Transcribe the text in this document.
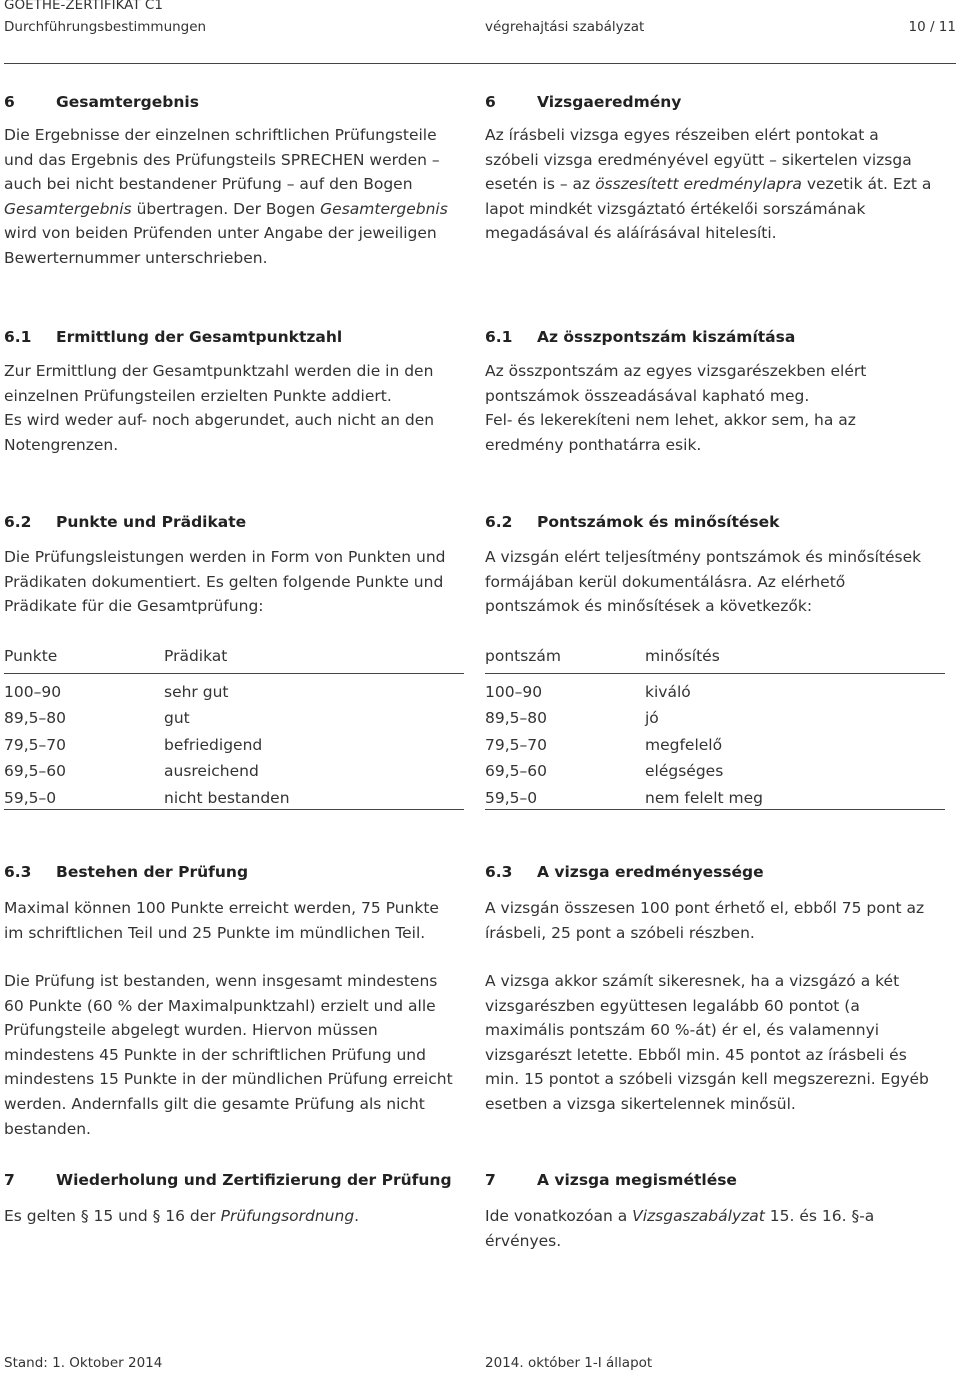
GOETHE-ZERTIFIKAT C1
Durchführungsbestimmungen	végrehajtási szabályzat	10 / 11
6	Gesamtergebnis

Die Ergebnisse der einzelnen schriftlichen Prüfungsteile und das Ergebnis des Prüfungsteils SPRECHEN werden – auch bei nicht bestandener Prüfung – auf den Bogen Gesamtergebnis übertragen. Der Bogen Gesamtergebnis wird von beiden Prüfenden unter Angabe der jeweiligen Bewerternummer unterschrieben.

6	Vizsgaeredmény

Az írásbeli vizsga egyes részeiben elért pontokat a szóbeli vizsga eredményével együtt – sikertelen vizsga esetén is – az összesített eredménylapra vezetik át. Ezt a lapot mindkét vizsgáztató értékelői sorszámának megadásával és aláírásával hitelesíti.

6.1 Ermittlung der Gesamtpunktzahl

Zur Ermittlung der Gesamtpunktzahl werden die in den einzelnen Prüfungsteilen erzielten Punkte addiert.

Es wird weder auf- noch abgerundet, auch nicht an den Notengrenzen.

6.1 Az összpontszám kiszámítása

Az összpontszám az egyes vizsgarészekben elért pontszámok összeadásával kapható meg.

Fel- és lekerekíteni nem lehet, akkor sem, ha az eredmény ponthatárra esik.

6.2 Punkte und Prädikate

Die Prüfungsleistungen werden in Form von Punkten und Prädikaten dokumentiert. Es gelten folgende Punkte und Prädikate für die Gesamtprüfung:

6.2 Pontszámok és minősítések

A vizsgán elért teljesítmény pontszámok és minősítések formájában kerül dokumentálásra. Az elérhető pontszámok és minősítések a következők:

Punkte	Prädikat
100–90	sehr gut
89,5–80	gut
79,5–70	befriedigend
69,5–60	ausreichend
59,5–0	nicht bestanden
pontszám	minősítés
100–90	kiváló
89,5–80	jó
79,5–70	megfelelő
69,5–60	elégséges
59,5–0	nem felelt meg
6.3 Bestehen der Prüfung

Maximal können 100 Punkte erreicht werden, 75 Punkte im schriftlichen Teil und 25 Punkte im mündlichen Teil.

Die Prüfung ist bestanden, wenn insgesamt mindestens 60 Punkte (60 % der Maximalpunktzahl) erzielt und alle Prüfungsteile abgelegt wurden. Hiervon müssen mindestens 45 Punkte in der schriftlichen Prüfung und mindestens 15 Punkte in der mündlichen Prüfung erreicht werden. Andernfalls gilt die gesamte Prüfung als nicht bestanden.

6.3 A vizsga eredményessége

A vizsgán összesen 100 pont érhető el, ebből 75 pont az írásbeli, 25 pont a szóbeli részben.

A vizsga akkor számít sikeresnek, ha a vizsgázó a két vizsgarészben együttesen legalább 60 pontot (a maximális pontszám 60 %-át) ér el, és valamennyi vizsgarészt letette. Ebből min. 45 pontot az írásbeli és min. 15 pontot a szóbeli vizsgán kell megszerezni. Egyéb esetben a vizsga sikertelennek minősül.

7	Wiederholung und Zertifizierung der Prüfung

Es gelten § 15 und § 16 der Prüfungsordnung.

7	A vizsga megismétlése

Ide vonatkozóan a Vizsgaszabályzat 15. és 16. §-a érvényes.

Stand: 1. Oktober 2014	2014. október 1-I állapot
